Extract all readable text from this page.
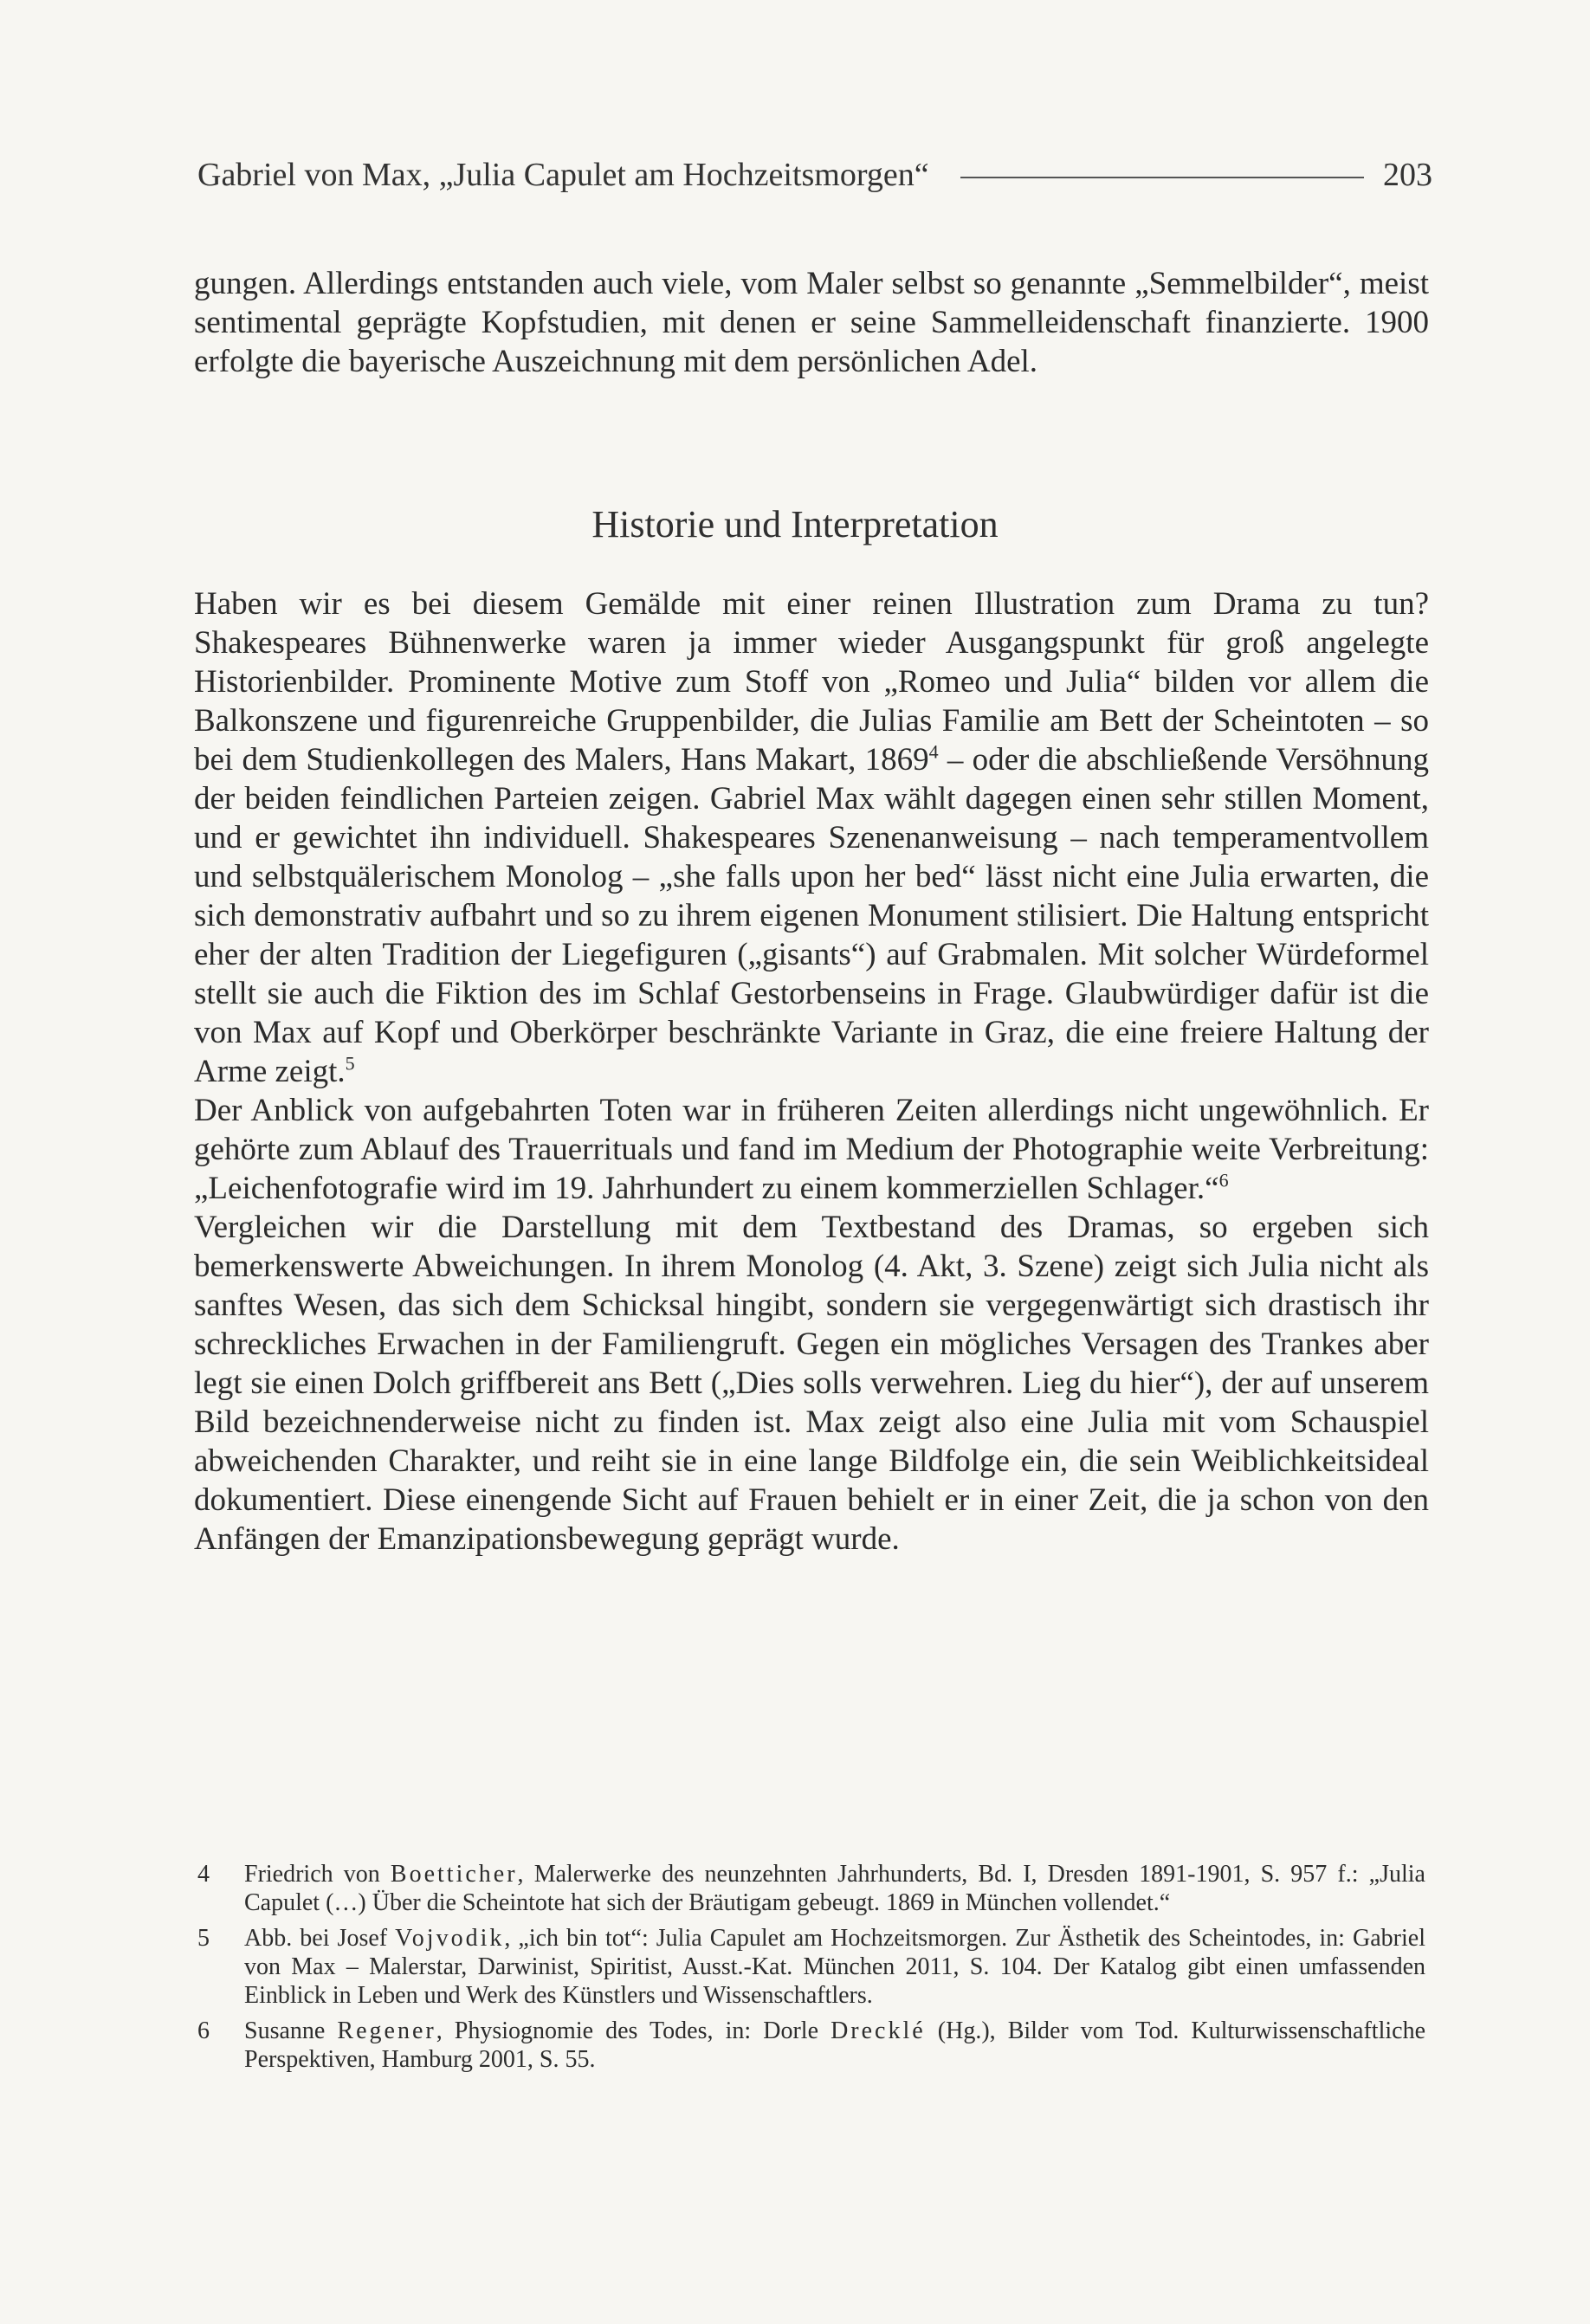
Gabriel von Max, „Julia Capulet am Hochzeitsmorgen“	203
gungen. Allerdings entstanden auch viele, vom Maler selbst so genannte „Semmelbilder“, meist sentimental geprägte Kopfstudien, mit denen er seine Sammelleidenschaft finanzierte. 1900 erfolgte die bayerische Auszeichnung mit dem persönlichen Adel.
Historie und Interpretation

Haben wir es bei diesem Gemälde mit einer reinen Illustration zum Drama zu tun? Shakespeares Bühnenwerke waren ja immer wieder Ausgangspunkt für groß angelegte Historienbilder. Prominente Motive zum Stoff von „Romeo und Julia“ bilden vor allem die Balkonszene und figurenreiche Gruppenbilder, die Julias Familie am Bett der Scheintoten – so bei dem Studienkollegen des Malers, Hans Makart, 1869$^4$ – oder die abschließende Versöhnung der beiden feindlichen Parteien zeigen. Gabriel Max wählt dagegen einen sehr stillen Moment, und er gewichtet ihn individuell. Shakespeares Szenenanweisung – nach temperamentvollem und selbstquälerischem Monolog – „she falls upon her bed“ lässt nicht eine Julia erwarten, die sich demonstrativ aufbahrt und so zu ihrem eigenen Monument stilisiert. Die Haltung entspricht eher der alten Tradition der Liegefiguren („gisants“) auf Grabmalen. Mit solcher Würdeformel stellt sie auch die Fiktion des im Schlaf Gestorbenseins in Frage. Glaubwürdiger dafür ist die von Max auf Kopf und Oberkörper beschränkte Variante in Graz, die eine freiere Haltung der Arme zeigt.$^5$

Der Anblick von aufgebahrten Toten war in früheren Zeiten allerdings nicht ungewöhnlich. Er gehörte zum Ablauf des Trauerrituals und fand im Medium der Photographie weite Verbreitung: „Leichenfotografie wird im 19. Jahrhundert zu einem kommerziellen Schlager.“$^6$

Vergleichen wir die Darstellung mit dem Textbestand des Dramas, so ergeben sich bemerkenswerte Abweichungen. In ihrem Monolog (4. Akt, 3. Szene) zeigt sich Julia nicht als sanftes Wesen, das sich dem Schicksal hingibt, sondern sie vergegenwärtigt sich drastisch ihr schreckliches Erwachen in der Familiengruft. Gegen ein mögliches Versagen des Trankes aber legt sie einen Dolch griffbereit ans Bett („Dies solls verwehren. Lieg du hier“), der auf unserem Bild bezeichnenderweise nicht zu finden ist. Max zeigt also eine Julia mit vom Schauspiel abweichenden Charakter, und reiht sie in eine lange Bildfolge ein, die sein Weiblichkeitsideal dokumentiert. Diese einengende Sicht auf Frauen behielt er in einer Zeit, die ja schon von den Anfängen der Emanzipationsbewegung geprägt wurde.

4	Friedrich von Boetticher, Malerwerke des neunzehnten Jahrhunderts, Bd. I, Dresden 1891-1901, S. 957 f.: „Julia Capulet (…) Über die Scheintote hat sich der Bräutigam gebeugt. 1869 in München vollendet.“
5	Abb. bei Josef Vojvodik, „ich bin tot“: Julia Capulet am Hochzeitsmorgen. Zur Ästhetik des Scheintodes, in: Gabriel von Max – Malerstar, Darwinist, Spiritist, Ausst.-Kat. München 2011, S. 104. Der Katalog gibt einen umfassenden Einblick in Leben und Werk des Künstlers und Wissenschaftlers.
6	Susanne Regener, Physiognomie des Todes, in: Dorle Drecklé (Hg.), Bilder vom Tod. Kulturwissenschaftliche Perspektiven, Hamburg 2001, S. 55.
